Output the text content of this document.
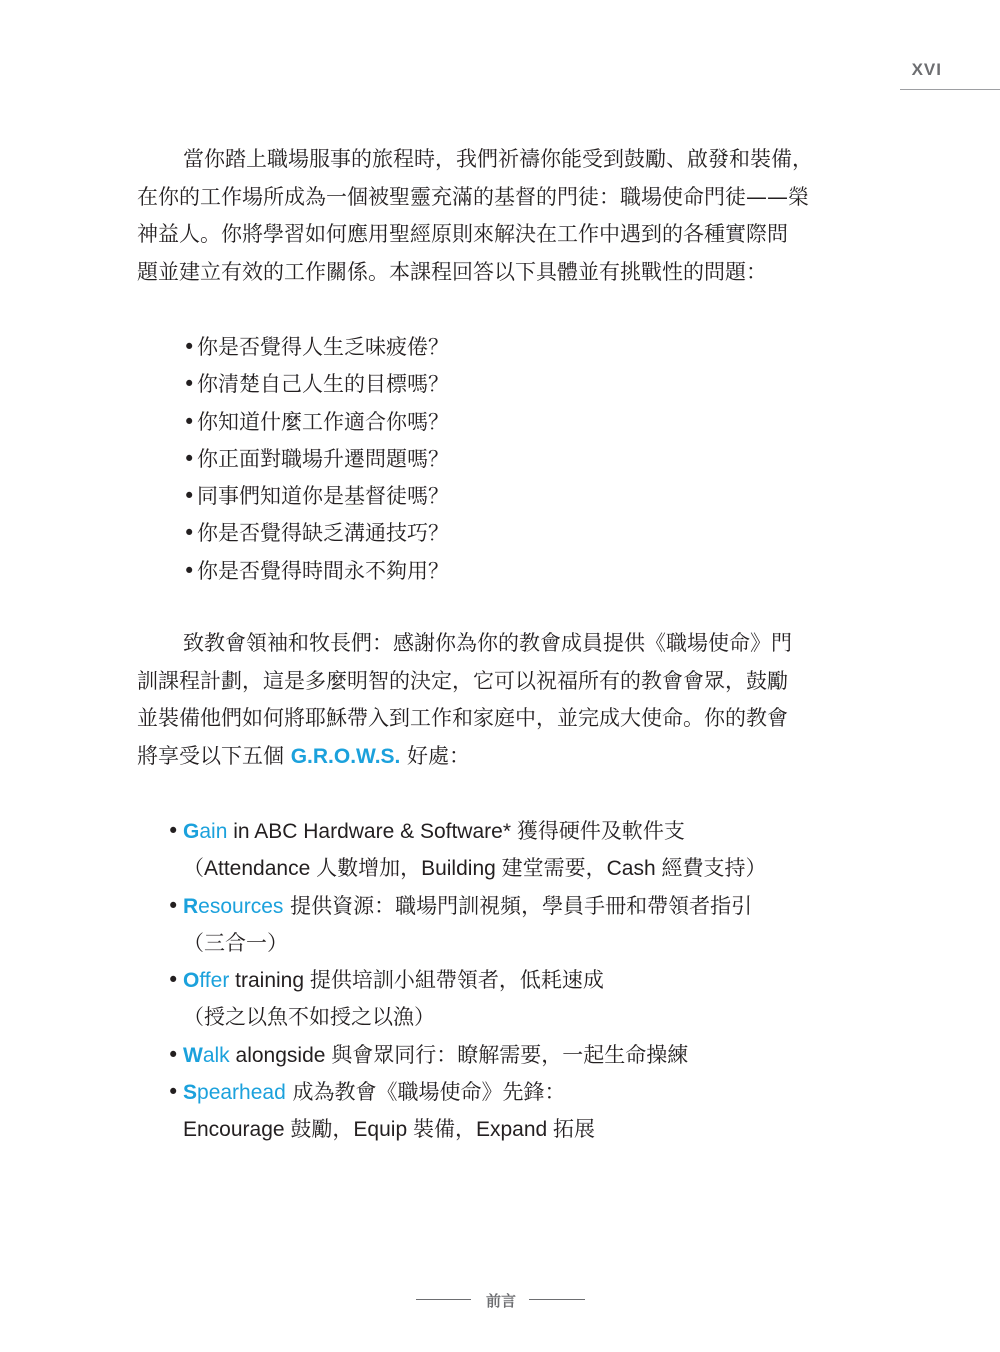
XVI
當你踏上職場服事的旅程時，我們祈禱你能受到鼓勵、啟發和裝備，
在你的工作場所成為一個被聖靈充滿的基督的門徒：職場使命門徒——榮
神益人。你將學習如何應用聖經原則來解決在工作中遇到的各種實際問
題並建立有效的工作關係。本課程回答以下具體並有挑戰性的問題：
•你是否覺得人生乏味疲倦？
•你清楚自己人生的目標嗎？
•你知道什麼工作適合你嗎？
•你正面對職場升遷問題嗎？
•同事們知道你是基督徒嗎？
•你是否覺得缺乏溝通技巧？
•你是否覺得時間永不夠用？
致教會領袖和牧長們：感謝你為你的教會成員提供《職場使命》門
訓課程計劃，這是多麼明智的決定，它可以祝福所有的教會會眾，鼓勵
並裝備他們如何將耶穌帶入到工作和家庭中，並完成大使命。你的教會
將享受以下五個 G.R.O.W.S. 好處：
• Gain in ABC Hardware & Software* 獲得硬件及軟件支
（Attendance 人數增加，Building 建堂需要，Cash 經費支持）
• Resources 提供資源：職場門訓視頻，學員手冊和帶領者指引
（三合一）
• Offer training 提供培訓小組帶領者，低耗速成
（授之以魚不如授之以漁）
• Walk alongside 與會眾同行：瞭解需要，一起生命操練
• Spearhead 成為教會《職場使命》先鋒：
Encourage 鼓勵，Equip 裝備，Expand 拓展
前言
